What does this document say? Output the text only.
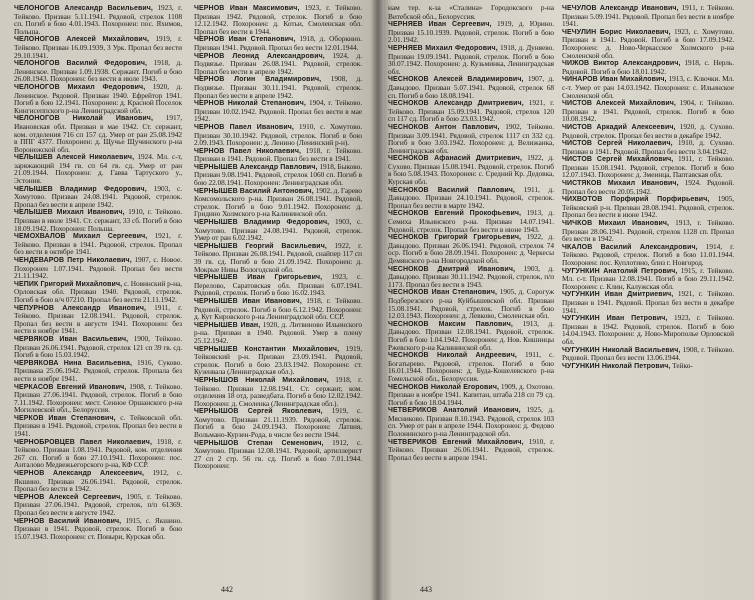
ЧЕЛОНОГОВ Александр Васильевич, 1923, г. Тейково. Призван 5.11.1941. Рядовой, стрелок 1108 сп. Погиб в бою 4.01.1943. Похоронен: пос. Яхимов, Польша.

ЧЕЛОНОГОВ Алексей Михайлович, 1919, г. Тейково. Призван 16.09.1939, 3 Урк. Пропал без вести 29.10.1941.

ЧЕЛОНОГОВ Василий Федорович, 1918, д. Ленинское. Призван 1.09.1938. Сержант. Погиб в бою 26.08.1943. Похоронен: без вести в июле 1943.

ЧЕЛОНОГОВ Михаил Федорович, 1920, д. Ленинское. Рядовой. Призван 1940. Ефрейтор 1941. Погиб в бою 12.1941. Похоронен: д. Красной Поселок Кингисеппского р-на Ленинградской обл.

ЧЕЛОНОГОВ Николай Иванович, 1917, Ивановская обл. Призван в мае 1942. Ст. сержант, ком. отделения 716 сп 157 сд. Умер от ран 25.08.1942 в ППГ 4377. Похоронен: д. Щучье Щучинского р-на Воронежской обл.

ЧЕЛЫШЕВ Алексей Николаевич, 1924. Мл. с-т, заряжающий 194 гв. сп 64 гв. сд. Умер от ран 21.09.1944. Похоронен: д. Гавва Тартуского у., Эстония.

ЧЕЛЫШЕВ Владимир Федорович, 1903, с. Хомутово. Призван 24.08.1941. Рядовой, стрелок. Пропал без вести в апреле 1942.

ЧЕЛЫШЕВ Михаил Иванович, 1910, г. Тейково. Призван в июле 1941. Ст. сержант, 33 сб. Погиб в бою 18.09.1942. Похоронен: Польша.

ЧЕМОХВАЛОВ Михаил Сергеевич, 1921, г. Тейково. Призван в 1941. Рядовой, стрелок. Пропал без вести в октябре 1941.

ЧЕНДЕВАРОВ Петр Николаевич, 1907, с. Новое. Похоронен 1.07.1941. Рядовой. Пропал без вести 21.11.1942.

ЧЕПИК Григорий Михайлович, с. Новинский р-на, Орловская обл. Призван 1940. Рядовой, стрелок. Погиб в бою в/ч 07210. Пропал без вести 21.11.1942.

ЧЕПУРНОВ Александр Иванович, 1911, г. Тейково. Призван 12.08.1941. Рядовой, стрелок. Пропал без вести в августе 1941. Похоронен: без вести в ноябре 1941.

ЧЕРВЯКОВ Иван Васильевич, 1900, Тейково. Призван 26.06.1941. Рядовой, стрелок 121 сп 39 гв. сд. Погиб в бою 15.03.1942.

ЧЕРВЯКОВА Нина Васильевна, 1916, Суково. Призвана 25.06.1942. Рядовой, стрелок. Пропала без вести в ноябре 1941.

ЧЕРКАСОВ Евгений Иванович, 1908, г. Тейково. Призван 27.06.1941. Рядовой, стрелок. Погиб в бою 7.11.1942. Похоронен: мест. Сенное Оршанского р-на Могилевской обл., Белоруссия.

ЧЕРКОВ Иван Степанович, с. Тейковской обл. Призван в 1941. Рядовой, стрелок. Пропал без вести в 1941.

ЧЕРНОБРОВЦЕВ Павел Николаевич, 1918, г. Тейково. Призван 1.08.1941. Рядовой, ком. отделения 267 сп. Погиб в бою 27.10.1941. Похоронен: пос. Анталово Медвежьегорского р-на, КФ ССР.

ЧЕРНОВ Александр Алексеевич, 1912, с. Якшино. Призван 26.06.1941. Рядовой, стрелок. Пропал без вести в 1942.

ЧЕРНОВ Алексей Сергеевич, 1905, г. Тейково. Призван 27.06.1941. Рядовой, стрелок, п/п 61369. Пропал без вести в августе 1942.

ЧЕРНОВ Василий Иванович, 1915, с. Якшино. Призван в 1941. Рядовой, стрелок. Погиб в бою 15.07.1943. Похоронен: ст. Поныри, Курская обл.

ЧЕРНОВ Иван Максимович, 1923, г. Тейково. Призван 1942. Рядовой, стрелок. Погиб в бою 12.12.1942. Похоронен: д. Котьи, Смоленская обл. Пропал без вести в 1944.

ЧЕРНОВ Иван Степанович, 1918, д. Оборкино. Призван 1941. Рядовой. Пропал без вести 12.01.1944.

ЧЕРНОВ Леонид Александрович, 1924, д. Подвязье. Призван 26.08.1941. Рядовой, стрелок. Пропал без вести в апреле 1942.

ЧЕРНОВ Логин Владимирович, 1908, д. Подвязье. Призван 30.11.1941. Рядовой, стрелок. Пропал без вести в апреле 1942.

ЧЕРНОВ Николай Степанович, 1904, г. Тейково. Призван 10.02.1942. Рядовой. Пропал без вести в мае 1942.

ЧЕРНОВ Павел Иванович, 1910, с. Хомутово. Призван 30.10.1942. Рядовой, стрелок. Погиб в бою 2.09.1943. Похоронен: д. Ленино (Ленинский р-н).

ЧЕРНОВ Павел Николаевич, 1918, г. Тейково. Призван в 1941. Рядовой. Пропал без вести в 1941.

ЧЕРНЫШЕВ Александр Павлович, 1918, Быково. Призван 9.08.1941. Рядовой, стрелок 1060 сп. Погиб в бою 22.08.1941. Похоронен: Ленинградская обл.

ЧЕРНЫШЕВ Василий Антонович, 1902, д. Гарево Комсомольского р-на. Призван 26.08.1941. Рядовой, стрелок. Погиб в бою 9.01.1942. Похоронен: д. Гридино Холмского р-на Калининской обл.

ЧЕРНЫШЕВ Владимир Федорович, 1903, с. Хомутово. Призван 24.08.1941. Рядовой, стрелок. Умер от ран 6.02.1942.

ЧЕРНЫШЕВ Георгий Васильевич, 1922, г. Тейково. Призван 26.08.1941. Рядовой, снайпер 117 сп 39 гв. сд. Погиб в бою 21.09.1942. Похоронен: д. Мокрые Нивы Вологодской обл.

ЧЕРНЫШЕВ Иван Григорьевич, 1923, с. Перелово, Саратовская обл. Призван 6.07.1941. Рядовой, стрелок. Погиб в бою 16.02.1943.

ЧЕРНЫШЕВ Иван Иванович, 1918, г. Тейково. Рядовой, стрелок. Погиб в бою 6.12.1942. Похоронен: д. Кут Кировского р-на Ленинградской обл. ССР.

ЧЕРНЫШЕВ Иван, 1920, д. Литвиново Ильинского р-на. Призван в 1940. Рядовой. Умер в плену 25.12.1942.

ЧЕРНЫШЕВ Константин Михайлович, 1919, Тейковский р-н. Призван 23.09.1941. Рядовой, стрелок. Погиб в бою 23.03.1942. Похоронен: ст. Кузенвала (Ленинградская обл.).

ЧЕРНЫШОВ Николай Михайлович, 1918, г. Тейково. Призван 12.08.1941. Ст. сержант, ком. отделения 18 отд. разведбата. Погиб в бою 12.02.1942. Похоронен: д. Смоленка (Ленинградская обл.).

ЧЕРНЫШОВ Сергей Яковлевич, 1919, с. Хомутово. Призван 21.11.1939. Рядовой, стрелок. Погиб в бою 24.09.1943. Похоронен: Латвия, Вольмано-Курзен-Рода, в числе без вести 1944.

ЧЕРНЫШОВ Степан Семенович, 1912, с. Хомутово. Призван 12.08.1941. Рядовой, артиллерист 27 сп 2 стр. 56 гв. сд. Погиб в бою 7.01.1944. Похоронен:

442

нам тер. к-за «Сталина» Городокского р-на Витебской обл., Белоруссия.

ЧЕРНЯЕВ Иван Сергеевич, 1919, д. Юрино. Призван 15.10.1939. Рядовой, стрелок. Погиб в бою 2.01.1942.

ЧЕРНЯЕВ Михаил Федорович, 1918, д. Дуняево. Призван 19.09.1941. Рядовой, стрелок. Погиб в бою 30.07.1942. Похоронен: д. Кузьминка, Ленинградская обл.

ЧЕСНОКОВ Алексей Владимирович, 1907, д. Давыдово. Призван 5.07.1941. Рядовой, стрелок 68 сп. Погиб в бою 18.08.1941.

ЧЕСНОКОВ Александр Дмитриевич, 1921, г. Тейково. Призван 15.09.1941. Рядовой, стрелок 120 сп 117 сд. Погиб в бою 23.03.1942.

ЧЕСНОКОВ Антон Павлович, 1902, Тейково. Призван 3.09.1941. Рядовой, стрелок 1117 сп 332 сд. Погиб в бою 3.03.1942. Похоронен: д. Велижанка, Ленинградская обл.

ЧЕСНОКОВ Афанасий Дмитриевич, 1922, д. Сухово. Призван 15.08.1941. Рядовой, стрелок. Погиб в бою 5.08.1943. Похоронен: с. Средний Кр. Дедовка, Курская обл.

ЧЕСНОКОВ Василий Павлович, 1911, д. Давыдово. Призван 24.10.1941. Рядовой, стрелок. Пропал без вести в марте 1942.

ЧЕСНОКОВ Евгений Прокофьевич, 1913, д. Семиха Ильинского р-на. Призван 14.07.1941. Рядовой, стрелок. Пропал без вести в июне 1943.

ЧЕСНОКОВ Григорий Григорьевич, 1922, д. Давыдово. Призван 26.06.1941. Рядовой, стрелок 74 оср. Погиб в бою 28.09.1941. Похоронен: д. Черкесы Демянского р-на Новгородской обл.

ЧЕСНОКОВ Дмитрий Иванович, 1903, д. Давыдово. Призван 30.11.1942. Рядовой, стрелок, п/п 1173. Пропал без вести в 1943.

ЧЕСНОКОВ Иван Степанович, 1905, д. Сорогуж Подберезского р-на Куйбышевской обл. Призван 15.08.1941. Рядовой, стрелок. Погиб в бою 12.03.1943. Похоронен: д. Левково, Смоленская обл.

ЧЕСНОКОВ Максим Павлович, 1913, д. Давыдово. Призван 12.08.1941. Рядовой, стрелок. Погиб в бою 1.04.1942. Похоронен: д. Нов. Кишинцы Ржевского р-на Калининской обл.

ЧЕСНОКОВ Николай Андреевич, 1911, с. Богатырево. Рядовой, стрелок. Погиб в бою 16.01.1944. Похоронен: д. Буда-Кошелевского р-на Гомельской обл., Белоруссия.

ЧЕСНОКОВ Николай Егорович, 1909, д. Охотово. Призван в ноябре 1941. Капитан, штаба 218 сп 79 сд. Погиб в бою 18.04.1944.

ЧЕТВЕРИКОВ Анатолий Иванович, 1925, д. Мясниково. Призван 8.10.1943. Рядовой, стрелок 103 сп. Умер от ран в апреле 1944. Похоронен: д. Федово Полонинского р-на Ленинградской обл.

ЧЕТВЕРИКОВ Евгений Михайлович, 1910, г. Тейково. Призван 26.06.1941. Рядовой, стрелок. Пропал без вести в апреле 1941.

ЧЕЧУЛОВ Александр Иванович, 1911, г. Тейково. Призван 5.09.1941. Рядовой. Пропал без вести в ноябре 1941.

ЧЕЧУЛИН Борис Николаевич, 1923, с. Хомутово. Призван в 1941. Рядовой. Погиб в бою 17.09.1942. Похоронен: д. Ново-Черкасское Холмского р-на Смоленской обл.

ЧИЖОВ Виктор Александрович, 1918, с. Нерль. Рядовой. Погиб в бою 18.01.1942.

ЧИНАРОВ Иван Михайлович, 1913, с. Ключки. Мл. с-т. Умер от ран 14.03.1942. Похоронен: с. Ильинское Смоленской обл.

ЧИСТОВ Алексей Михайлович, 1904, г. Тейково. Призван в 1941. Рядовой, стрелок. Погиб в бою 10.08.1942.

ЧИСТОВ Аркадий Алексеевич, 1920, д. Сухово. Рядовой, стрелок. Пропал без вести в декабре 1942.

ЧИСТОВ Сергей Николаевич, 1910, д. Сухово. Призван в 1941. Рядовой. Пропал без вести 3.04.1942.

ЧИСТОВ Сергей Михайлович, 1911, г. Тейково. Призван 15.08.1941. Рядовой, стрелок. Погиб в бою 12.07.1943. Похоронен: д. Змеинца, Паптавская обл.

ЧИСТЯКОВ Михаил Иванович, 1924. Рядовой. Пропал без вести 20.05.1942.

ЧИХВОТОВ Порфирий Порфирьевич, 1905, Тейковский р-н. Призван 28.08.1941. Рядовой, стрелок. Пропал без вести в июне 1942.

ЧИЧКОВ Михаил Иванович, 1913, г. Тейково. Призван 28.06.1941. Рядовой, стрелок 1128 сп. Пропал без вести в 1942.

ЧКАЛОВ Василий Александрович, 1914, г. Тейково. Рядовой, стрелок. Погиб в бою 11.01.1944. Похоронен: пос. Куплотино, близ г. Новгород.

ЧУГУНКИН Анатолий Петрович, 1915, г. Тейково. Мл. с-т. Призван 12.08.1941. Погиб в бою 29.11.1942. Похоронен: с. Клин, Калужская обл.

ЧУГУНКИН Иван Дмитриевич, 1921, г. Тейково. Призван в 1941. Рядовой. Пропал без вести в декабре 1941.

ЧУГУНКИН Иван Петрович, 1923, г. Тейково. Призван в 1942. Рядовой, стрелок. Погиб в бою 14.04.1943. Похоронен: д. Ново-Мирополье Орловской обл.

ЧУГУНКИН Николай Васильевич, 1908, г. Тейково. Рядовой. Пропал без вести 13.06.1944.

ЧУГУНКИН Николай Петрович, Тейко-

443
